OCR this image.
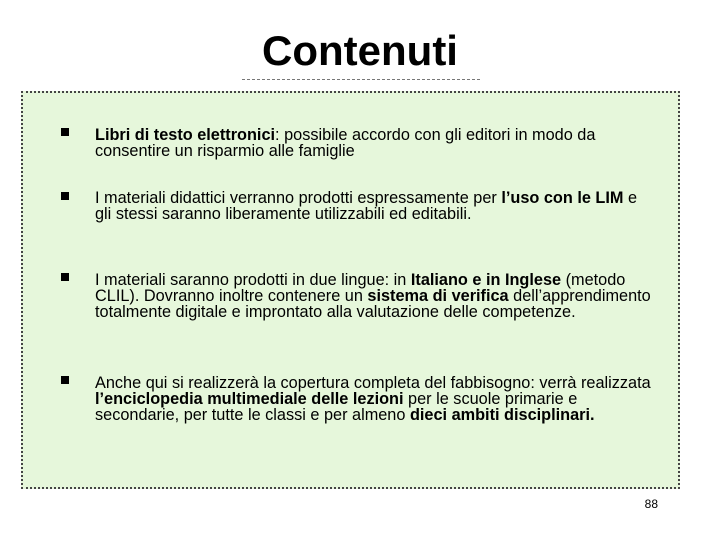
Contenuti

Libri di testo elettronici: possibile accordo con gli editori in modo da consentire un risparmio alle famiglie

I materiali didattici verranno prodotti espressamente per l’uso con le LIM e gli stessi saranno liberamente utilizzabili ed editabili.

I materiali saranno prodotti in due lingue: in Italiano e in Inglese (metodo CLIL). Dovranno inoltre contenere un sistema di verifica dell’apprendimento totalmente digitale e improntato alla valutazione delle competenze.

Anche qui si realizzerà la copertura completa del fabbisogno: verrà realizzata l’enciclopedia multimediale delle lezioni per le scuole primarie e secondarie, per tutte le classi e per almeno dieci ambiti disciplinari.

88
